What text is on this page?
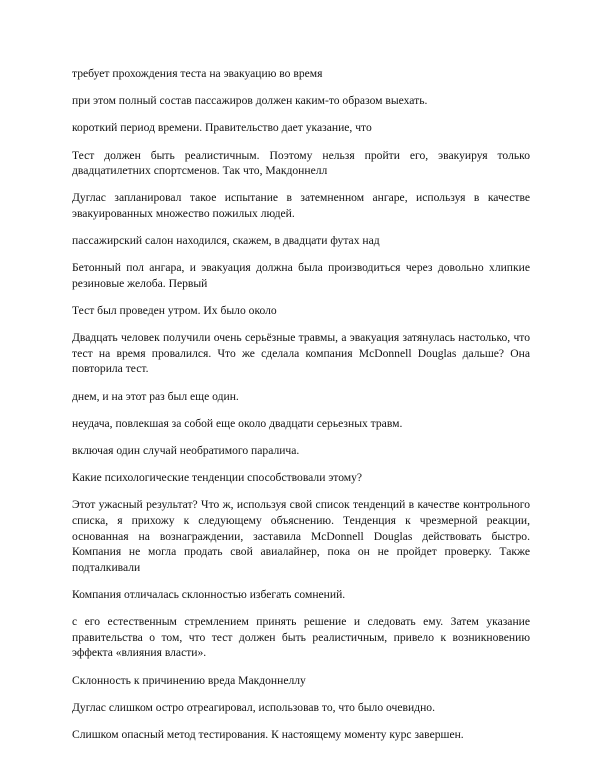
требует прохождения теста на эвакуацию во время

при этом полный состав пассажиров должен каким-то образом выехать.

короткий период времени. Правительство дает указание, что

Тест должен быть реалистичным. Поэтому нельзя пройти его, эвакуируя только двадцатилетних спортсменов. Так что, Макдоннелл

Дуглас запланировал такое испытание в затемненном ангаре, используя в качестве эвакуированных множество пожилых людей.

пассажирский салон находился, скажем, в двадцати футах над

Бетонный пол ангара, и эвакуация должна была производиться через довольно хлипкие резиновые желоба. Первый

Тест был проведен утром. Их было около

Двадцать человек получили очень серьёзные травмы, а эвакуация затянулась настолько, что тест на время провалился. Что же сделала компания McDonnell Douglas дальше? Она повторила тест.

днем, и на этот раз был еще один.

неудача, повлекшая за собой еще около двадцати серьезных травм.

включая один случай необратимого паралича.

Какие психологические тенденции способствовали этому?

Этот ужасный результат? Что ж, используя свой список тенденций в качестве контрольного списка, я прихожу к следующему объяснению. Тенденция к чрезмерной реакции, основанная на вознаграждении, заставила McDonnell Douglas действовать быстро. Компания не могла продать свой авиалайнер, пока он не пройдет проверку. Также подталкивали

Компания отличалась склонностью избегать сомнений.

с его естественным стремлением принять решение и следовать ему. Затем указание правительства о том, что тест должен быть реалистичным, привело к возникновению эффекта «влияния власти».

Склонность к причинению вреда Макдоннеллу

Дуглас слишком остро отреагировал, использовав то, что было очевидно.

Слишком опасный метод тестирования. К настоящему моменту курс завершен.
